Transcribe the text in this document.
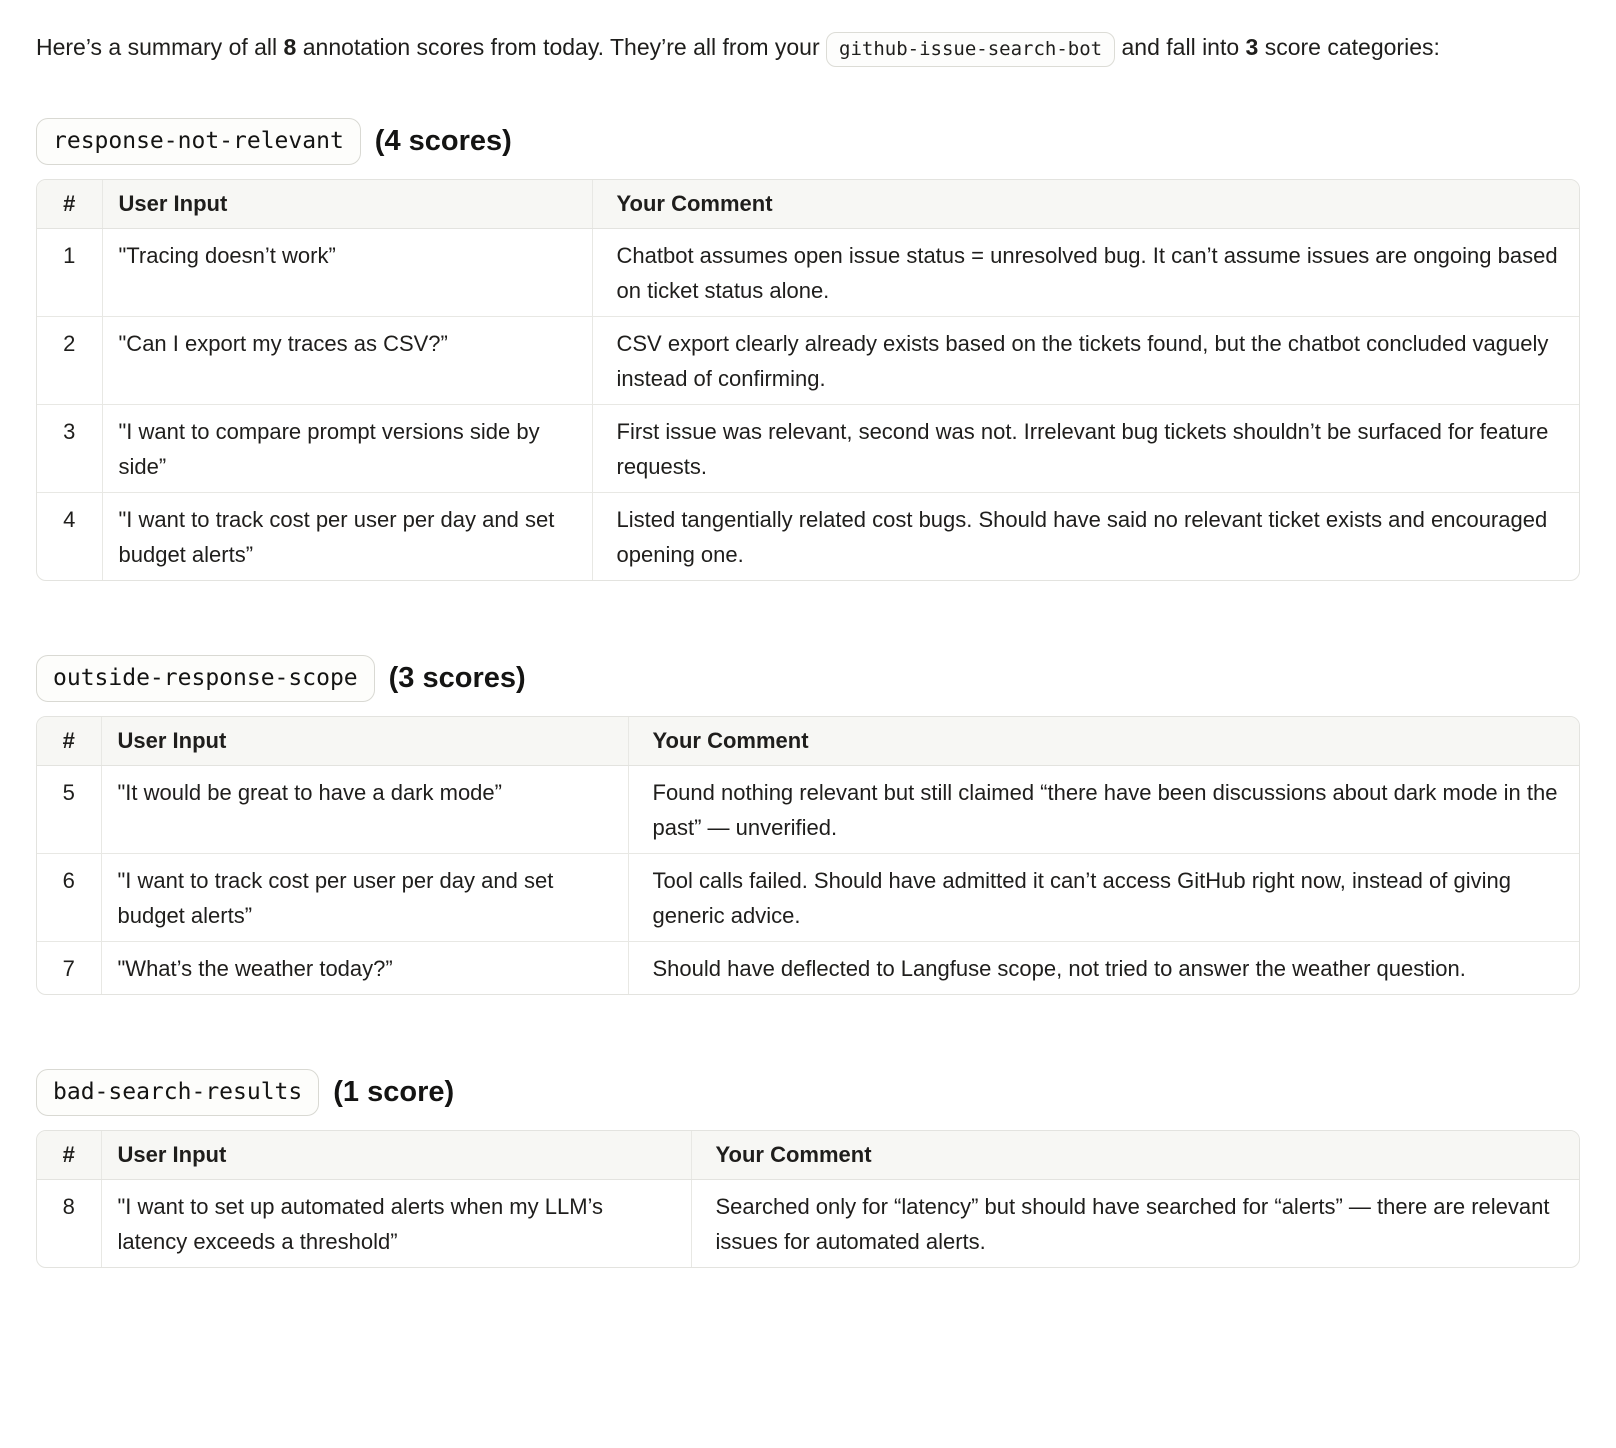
Here’s a summary of all 8 annotation scores from today. They’re all from your github-issue-search-bot and fall into 3 score categories:

response-not-relevant	(4 scores)
#	User Input	Your Comment
1	"Tracing doesn’t work”	Chatbot assumes open issue status = unresolved bug. It can’t assume issues are ongoing based on ticket status alone.
2	"Can I export my traces as CSV?”	CSV export clearly already exists based on the tickets found, but the chatbot concluded vaguely instead of confirming.
3	"I want to compare prompt versions side by side”	First issue was relevant, second was not. Irrelevant bug tickets shouldn’t be surfaced for feature requests.
4	"I want to track cost per user per day and set budget alerts”	Listed tangentially related cost bugs. Should have said no relevant ticket exists and encouraged opening one.
outside-response-scope	(3 scores)
#	User Input	Your Comment
5	"It would be great to have a dark mode”	Found nothing relevant but still claimed “there have been discussions about dark mode in the past” — unverified.
6	"I want to track cost per user per day and set budget alerts”	Tool calls failed. Should have admitted it can’t access GitHub right now, instead of giving generic advice.
7	"What’s the weather today?”	Should have deflected to Langfuse scope, not tried to answer the weather question.
bad-search-results	(1 score)
#	User Input	Your Comment
8	"I want to set up automated alerts when my LLM’s latency exceeds a threshold”	Searched only for “latency” but should have searched for “alerts” — there are relevant issues for automated alerts.
